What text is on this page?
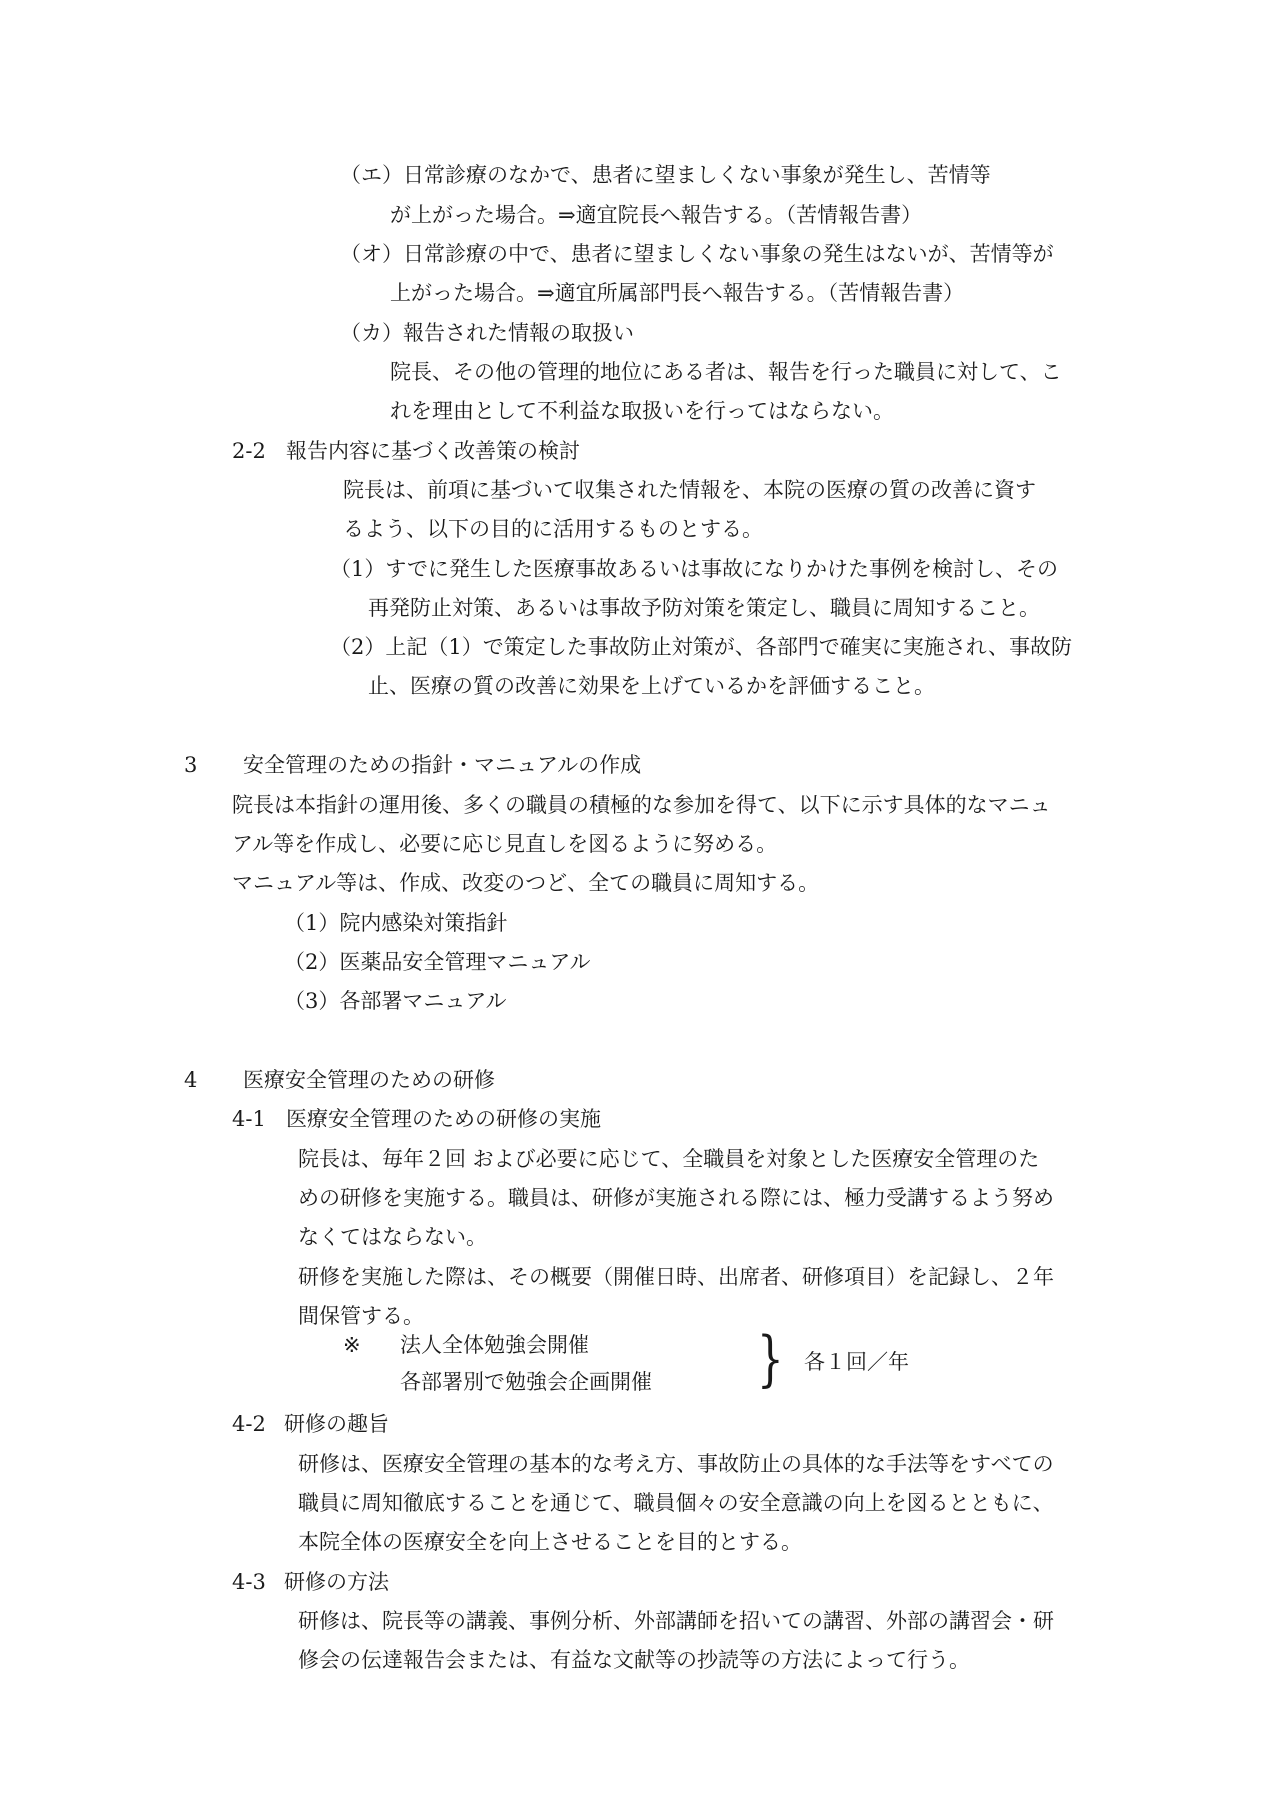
（エ）日常診療のなかで、患者に望ましくない事象が発生し、苦情等
が上がった場合。⇒適宜院長へ報告する。（苦情報告書）
（オ）日常診療の中で、患者に望ましくない事象の発生はないが、苦情等が
上がった場合。⇒適宜所属部門長へ報告する。（苦情報告書）
（カ）報告された情報の取扱い
院長、その他の管理的地位にある者は、報告を行った職員に対して、こ
れを理由として不利益な取扱いを行ってはならない。
2-2 報告内容に基づく改善策の検討
院長は、前項に基づいて収集された情報を、本院の医療の質の改善に資す
るよう、以下の目的に活用するものとする。
（1）すでに発生した医療事故あるいは事故になりかけた事例を検討し、その
再発防止対策、あるいは事故予防対策を策定し、職員に周知すること。
（2）上記（1）で策定した事故防止対策が、各部門で確実に実施され、事故防
止、医療の質の改善に効果を上げているかを評価すること。
3 安全管理のための指針・マニュアルの作成
院長は本指針の運用後、多くの職員の積極的な参加を得て、以下に示す具体的なマニュ
アル等を作成し、必要に応じ見直しを図るように努める。
マニュアル等は、作成、改変のつど、全ての職員に周知する。
（1）院内感染対策指針
（2）医薬品安全管理マニュアル
（3）各部署マニュアル
4 医療安全管理のための研修
4-1 医療安全管理のための研修の実施
院長は、毎年２回 および必要に応じて、全職員を対象とした医療安全管理のた
めの研修を実施する。職員は、研修が実施される際には、極力受講するよう努め
なくてはならない。
研修を実施した際は、その概要（開催日時、出席者、研修項目）を記録し、２年
間保管する。
※ 法人全体勉強会開催
各部署別で勉強会企画開催 } 各１回／年
4-2 研修の趣旨
研修は、医療安全管理の基本的な考え方、事故防止の具体的な手法等をすべての
職員に周知徹底することを通じて、職員個々の安全意識の向上を図るとともに、
本院全体の医療安全を向上させることを目的とする。
4-3 研修の方法
研修は、院長等の講義、事例分析、外部講師を招いての講習、外部の講習会・研
修会の伝達報告会または、有益な文献等の抄読等の方法によって行う。
